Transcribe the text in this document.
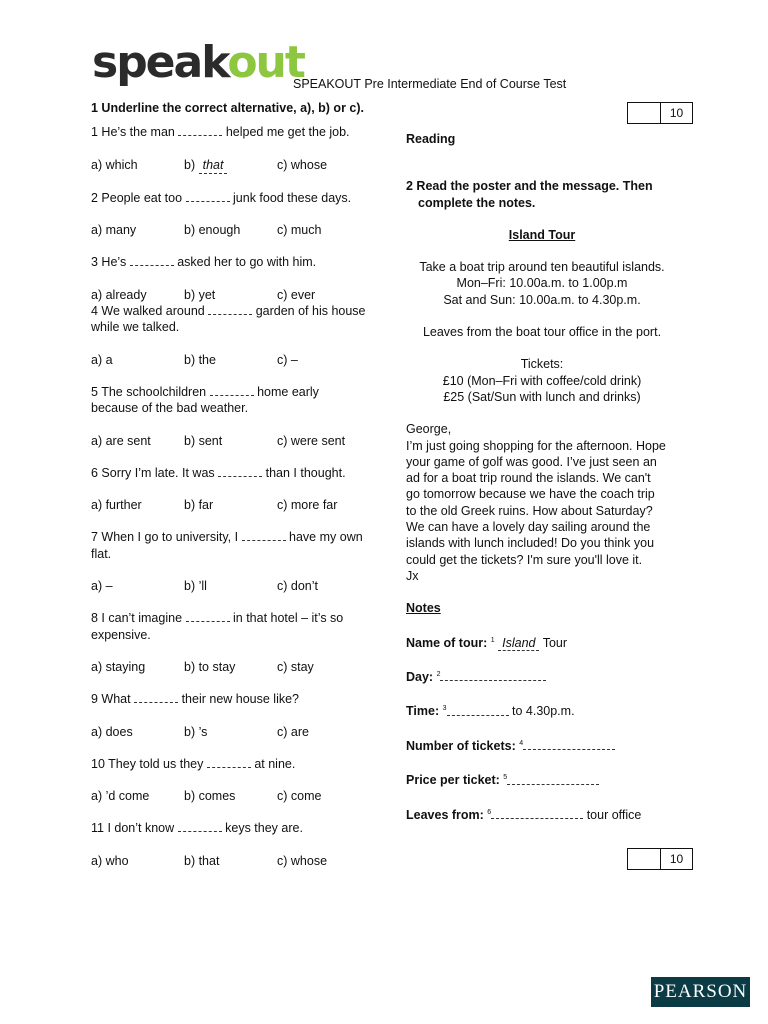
speakout
SPEAKOUT Pre Intermediate End of Course Test

1 Underline the correct alternative, a), b) or c).

1 He’s the man	helped me get the job.

a) which	b) that	c) whose

2 People eat too	junk food these days.

a) many	b) enough	c) much

3 He’s	asked her to go with him.

a) already	b) yet	c) ever

4 We walked around	garden of his house while we talked.

a) a	b) the	c) –

5 The schoolchildren	home early because of the bad weather.

a) are sent	b) sent	c) were sent

6 Sorry I’m late. It was	than I thought.

a) further	b) far	c) more far

7 When I go to university, I	have my own flat.

a) –	b) ’ll	c) don’t

8 I can’t imagine	in that hotel – it’s so expensive.

a) staying	b) to stay	c) stay

9 What	their new house like?

a) does	b) ’s	c) are

10 They told us they	at nine.

a) ’d come	b) comes	c) come

11 I don’t know	keys they are.

a) who	b) that	c) whose
10
10

Reading

2 Read the poster and the message. Then complete the notes.

Island Tour

Take a boat trip around ten beautiful islands.

Mon–Fri: 10.00a.m. to 1.00p.m

Sat and Sun: 10.00a.m. to 4.30p.m.

Leaves from the boat tour office in the port.

Tickets:

£10 (Mon–Fri with coffee/cold drink)

£25 (Sat/Sun with lunch and drinks)

George,

I’m just going shopping for the afternoon. Hope your game of golf was good. I’ve just seen an ad for a boat trip round the islands. We can't go tomorrow because we have the coach trip to the old Greek ruins. How about Saturday? We can have a lovely day sailing around the islands with lunch included! Do you think you could get the tickets? I'm sure you'll love it.

Jx

Notes

Name of tour: $^1$ Island Tour

Day: $^2$

Time: $^3$	to 4.30p.m.

Number of tickets: $^4$

Price per ticket: $^5$

Leaves from: $^6$	tour office

PEARSON
